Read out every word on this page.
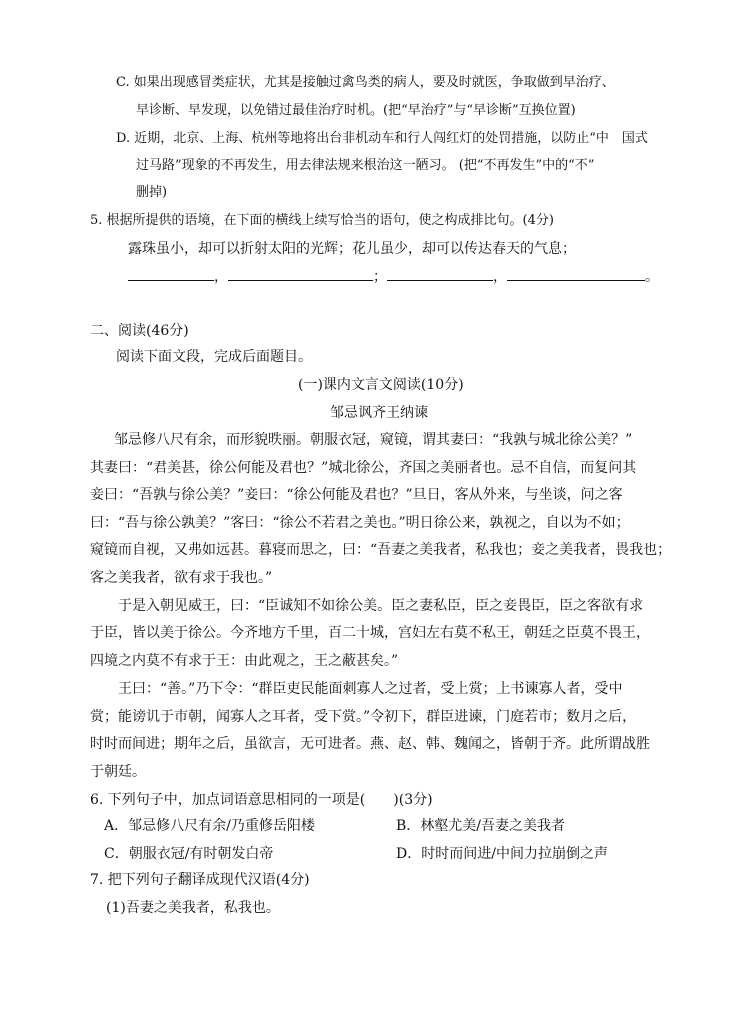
C. 如果出现感冒类症状，尤其是接触过禽鸟类的病人，要及时就医，争取做到早治疗、
早诊断、早发现，以免错过最佳治疗时机。(把“早治疗”与“早诊断”互换位置)
D. 近期，北京、上海、杭州等地将出台非机动车和行人闯红灯的处罚措施，以防止“中　国式
过马路”现象的不再发生，用去律法规来根治这一陋习。 (把“不再发生”中的“不”
删掉)
5. 根据所提供的语境，在下面的横线上续写恰当的语句，使之构成排比句。(4分)
露珠虽小，却可以折射太阳的光辉；花儿虽少，却可以传达春天的气息；
，	；	，	。
二、阅读(46分)
阅读下面文段，完成后面题目。
(一)课内文言文阅读(10分)
邹忌讽齐王纳谏
邹忌修八尺有余，而形貌昳丽。朝服衣冠，窥镜，谓其妻曰：“我孰与城北徐公美？”
其妻曰：“君美甚，徐公何能及君也？”城北徐公，齐国之美丽者也。忌不自信，而复问其
妾曰：“吾孰与徐公美？”妾曰：“徐公何能及君也？”旦日，客从外来，与坐谈，问之客
曰：“吾与徐公孰美？”客曰：“徐公不若君之美也。”明日徐公来，孰视之，自以为不如；
窥镜而自视，又弗如远甚。暮寝而思之，曰：“吾妻之美我者，私我也；妾之美我者，畏我也；
客之美我者，欲有求于我也。”
于是入朝见威王，曰：“臣诚知不如徐公美。臣之妻私臣，臣之妾畏臣，臣之客欲有求
于臣，皆以美于徐公。今齐地方千里，百二十城，宫妇左右莫不私王，朝廷之臣莫不畏王，
四境之内莫不有求于王：由此观之，王之蔽甚矣。”
王曰：“善。”乃下令：“群臣吏民能面刺寡人之过者，受上赏；上书谏寡人者，受中
赏；能谤讥于市朝，闻寡人之耳者，受下赏。”令初下，群臣进谏，门庭若市；数月之后，
时时而间进；期年之后，虽欲言，无可进者。燕、赵、韩、魏闻之，皆朝于齐。此所谓战胜
于朝廷。
6. 下列句子中，加点词语意思相同的一项是(　　)(3分)
A．邹忌修八尺有余/乃重修岳阳楼	B．林壑尤美/吾妻之美我者
C．朝服衣冠/有时朝发白帝	D．时时而间进/中间力拉崩倒之声
7. 把下列句子翻译成现代汉语(4分)
(1)吾妻之美我者，私我也。
